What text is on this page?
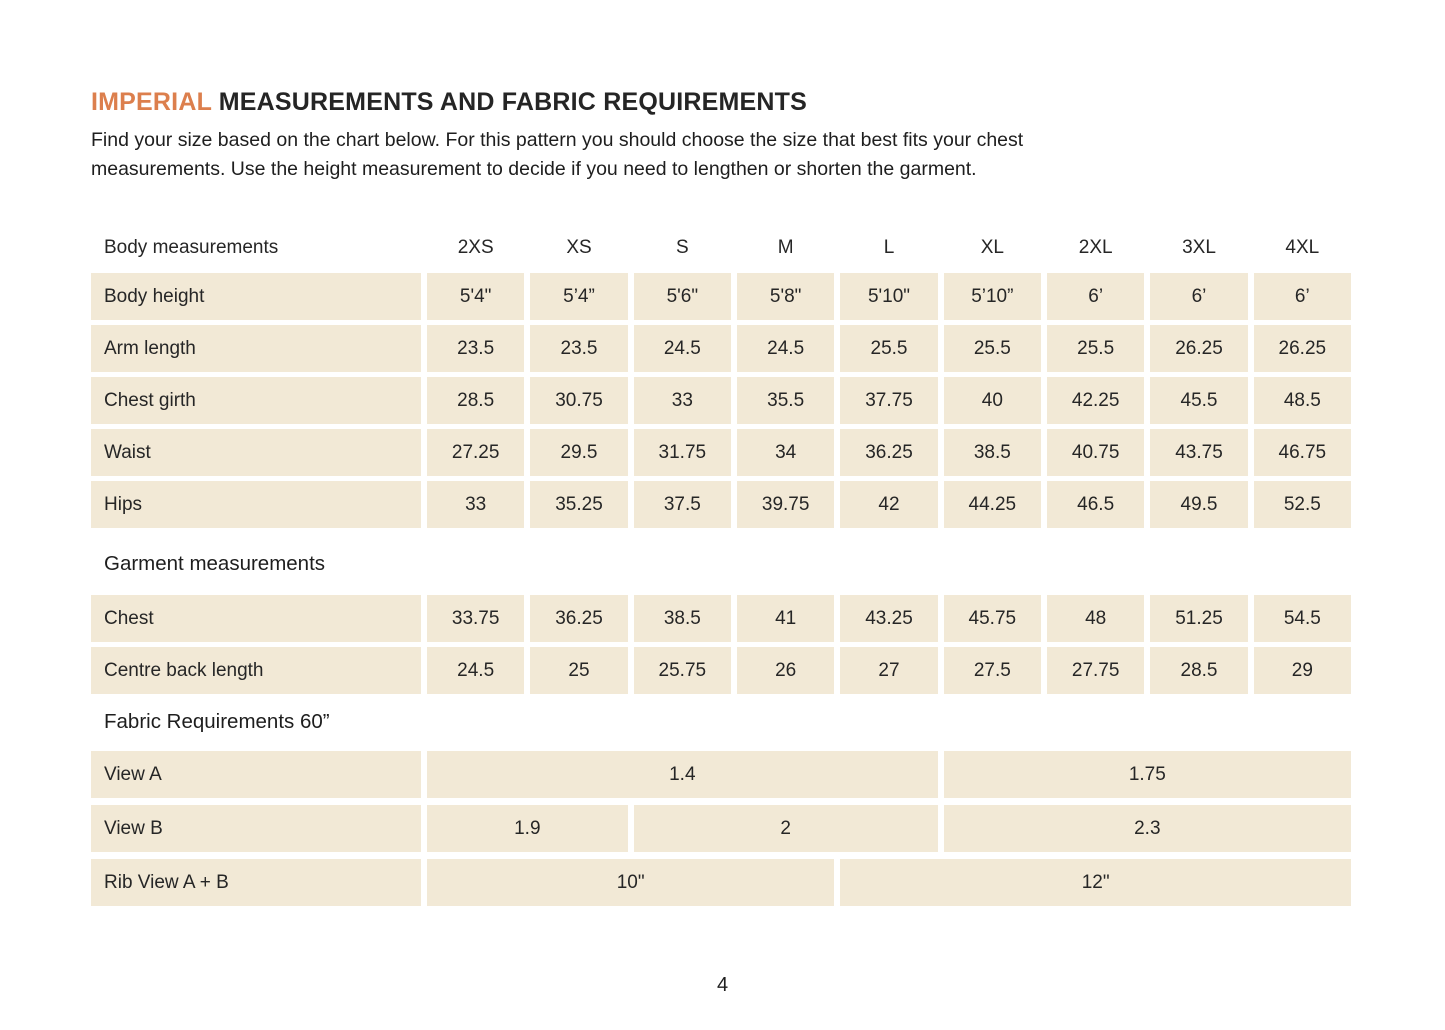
IMPERIAL MEASUREMENTS AND FABRIC REQUIREMENTS

Find your size based on the chart below. For this pattern you should choose the size that best fits your chest
measurements. Use the height measurement to decide if you need to lengthen or shorten the garment.

Body measurements	2XS	XS	S	M	L	XL	2XL	3XL	4XL
Body height	5'4"	5’4”	5'6"	5'8"	5'10"	5’10”	6’	6’	6’
Arm length	23.5	23.5	24.5	24.5	25.5	25.5	25.5	26.25	26.25
Chest girth	28.5	30.75	33	35.5	37.75	40	42.25	45.5	48.5
Waist	27.25	29.5	31.75	34	36.25	38.5	40.75	43.75	46.75
Hips	33	35.25	37.5	39.75	42	44.25	46.5	49.5	52.5
Garment measurements
Chest	33.75	36.25	38.5	41	43.25	45.75	48	51.25	54.5
Centre back length	24.5	25	25.75	26	27	27.5	27.75	28.5	29
Fabric Requirements 60”
View A	1.4	1.75
View B	1.9	2	2.3
Rib View A + B	10"	12"
4
